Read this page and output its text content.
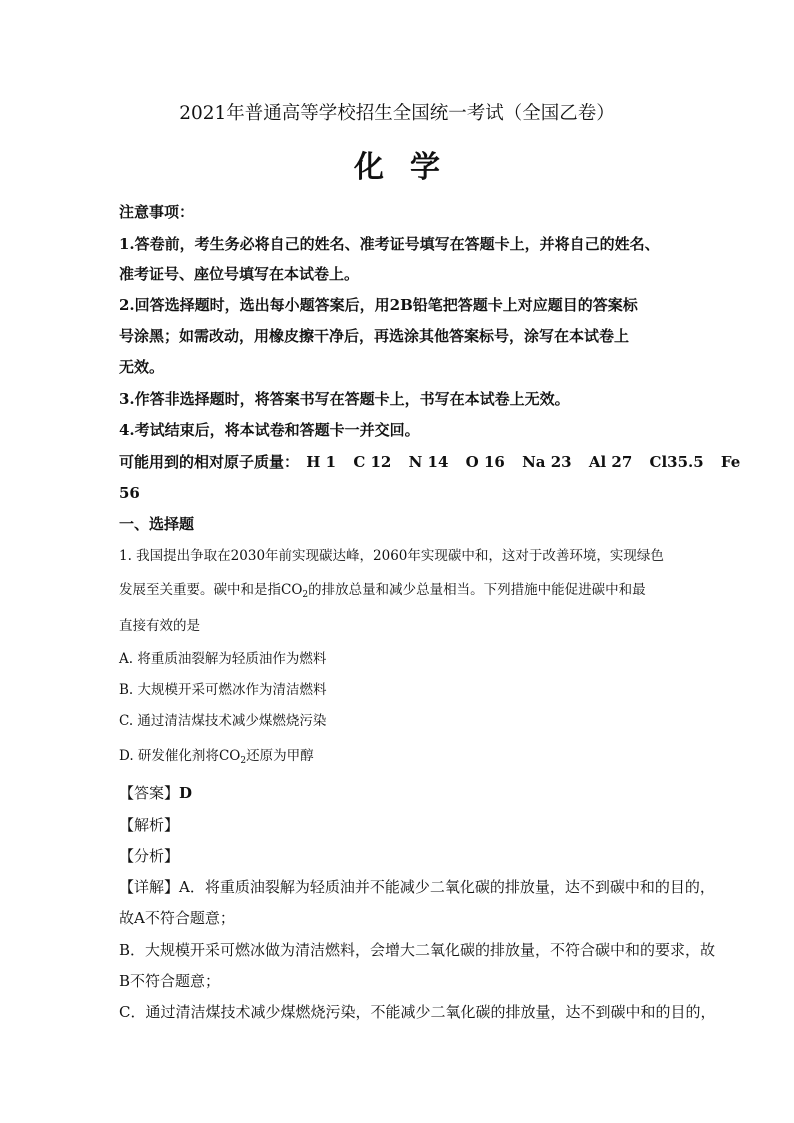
2021年普通高等学校招生全国统一考试（全国乙卷）
化学
注意事项：
1.答卷前，考生务必将自己的姓名、准考证号填写在答题卡上，并将自己的姓名、
准考证号、座位号填写在本试卷上。
2.回答选择题时，选出每小题答案后，用2B铅笔把答题卡上对应题目的答案标
号涂黑；如需改动，用橡皮擦干净后，再选涂其他答案标号，涂写在本试卷上
无效。
3.作答非选择题时，将答案书写在答题卡上，书写在本试卷上无效。
4.考试结束后，将本试卷和答题卡一并交回。
可能用到的相对原子质量： H 1 C 12 N 14 O 16 Na 23 Al 27 Cl35.5 Fe
56
一、选择题
1. 我国提出争取在2030年前实现碳达峰，2060年实现碳中和，这对于改善环境，实现绿色
发展至关重要。碳中和是指$CO_2$的排放总量和减少总量相当。下列措施中能促进碳中和最
直接有效的是
A. 将重质油裂解为轻质油作为燃料
B. 大规模开采可燃冰作为清洁燃料
C. 通过清洁煤技术减少煤燃烧污染
D. 研发催化剂将$CO_2$还原为甲醇
【答案】D
【解析】
【分析】
【详解】A．将重质油裂解为轻质油并不能减少二氧化碳的排放量，达不到碳中和的目的，
故A不符合题意；
B．大规模开采可燃冰做为清洁燃料，会增大二氧化碳的排放量，不符合碳中和的要求，故
B不符合题意；
C．通过清洁煤技术减少煤燃烧污染，不能减少二氧化碳的排放量，达不到碳中和的目的，
